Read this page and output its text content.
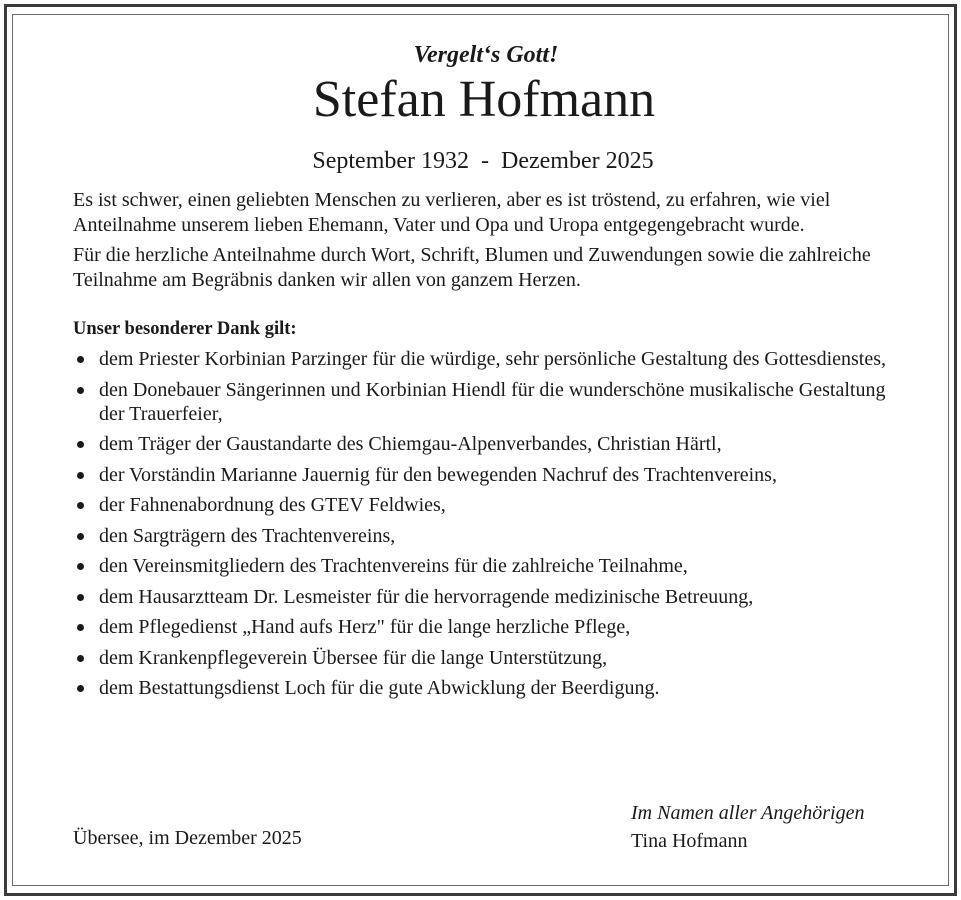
Vergelt‘s Gott!

Stefan Hofmann
September 1932  -  Dezember 2025

Es ist schwer, einen geliebten Menschen zu verlieren, aber es ist tröstend, zu erfahren, wie viel Anteilnahme unserem lieben Ehemann, Vater und Opa und Uropa entgegengebracht wurde.

Für die herzliche Anteilnahme durch Wort, Schrift, Blumen und Zuwendungen sowie die zahlreiche Teilnahme am Begräbnis danken wir allen von ganzem Herzen.

Unser besonderer Dank gilt:
dem Priester Korbinian Parzinger für die würdige, sehr persönliche Gestaltung des Gottesdienstes,
den Donebauer Sängerinnen und Korbinian Hiendl für die wunderschöne musikalische Gestaltung der Trauerfeier,
dem Träger der Gaustandarte des Chiemgau-Alpenverbandes, Christian Härtl,
der Vorständin Marianne Jauernig für den bewegenden Nachruf des Trachtenvereins,
der Fahnenabordnung des GTEV Feldwies,
den Sargträgern des Trachtenvereins,
den Vereinsmitgliedern des Trachtenvereins für die zahlreiche Teilnahme,
dem Hausarztteam Dr. Lesmeister für die hervorragende medizinische Betreuung,
dem Pflegedienst „Hand aufs Herz" für die lange herzliche Pflege,
dem Krankenpflegeverein Übersee für die lange Unterstützung,
dem Bestattungsdienst Loch für die gute Abwicklung der Beerdigung.
Übersee, im Dezember 2025
Im Namen aller Angehörigen
Tina Hofmann
